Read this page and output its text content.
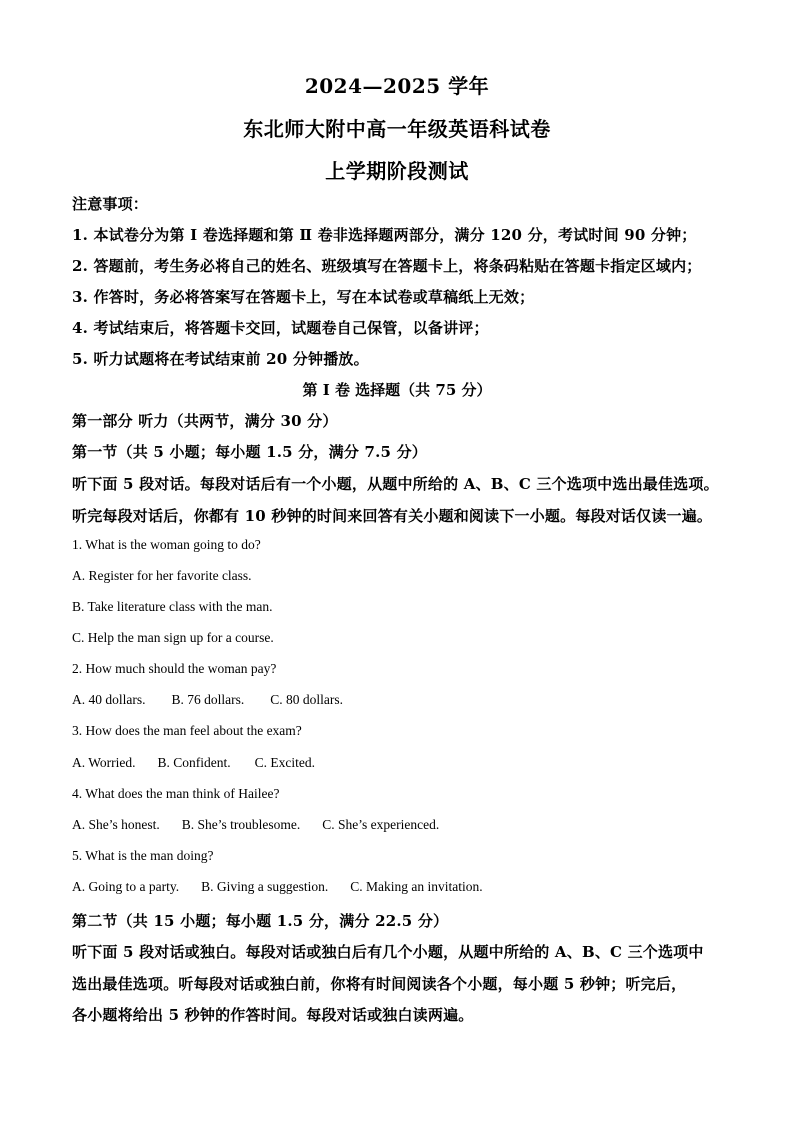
2024—2025 学年
东北师大附中高一年级英语科试卷
上学期阶段测试
注意事项：
1. 本试卷分为第 Ⅰ 卷选择题和第 Ⅱ 卷非选择题两部分，满分 120 分，考试时间 90 分钟；
2. 答题前，考生务必将自己的姓名、班级填写在答题卡上，将条码粘贴在答题卡指定区域内；
3. 作答时，务必将答案写在答题卡上，写在本试卷或草稿纸上无效；
4. 考试结束后，将答题卡交回，试题卷自己保管，以备讲评；
5. 听力试题将在考试结束前 20 分钟播放。
第 Ⅰ 卷 选择题（共 75 分）
第一部分 听力（共两节，满分 30 分）
第一节（共 5 小题；每小题 1.5 分，满分 7.5 分）
听下面 5 段对话。每段对话后有一个小题，从题中所给的 A、B、C 三个选项中选出最佳选项。
听完每段对话后，你都有 10 秒钟的时间来回答有关小题和阅读下一小题。每段对话仅读一遍。
1. What is the woman going to do?
A. Register for her favorite class.
B. Take literature class with the man.
C. Help the man sign up for a course.
2. How much should the woman pay?
A. 40 dollars. B. 76 dollars. C. 80 dollars.
3. How does the man feel about the exam?
A. Worried. B. Confident. C. Excited.
4. What does the man think of Hailee?
A. She’s honest. B. She’s troublesome. C. She’s experienced.
5. What is the man doing?
A. Going to a party. B. Giving a suggestion. C. Making an invitation.
第二节（共 15 小题；每小题 1.5 分，满分 22.5 分）
听下面 5 段对话或独白。每段对话或独白后有几个小题，从题中所给的 A、B、C 三个选项中
选出最佳选项。听每段对话或独白前，你将有时间阅读各个小题，每小题 5 秒钟；听完后，
各小题将给出 5 秒钟的作答时间。每段对话或独白读两遍。
